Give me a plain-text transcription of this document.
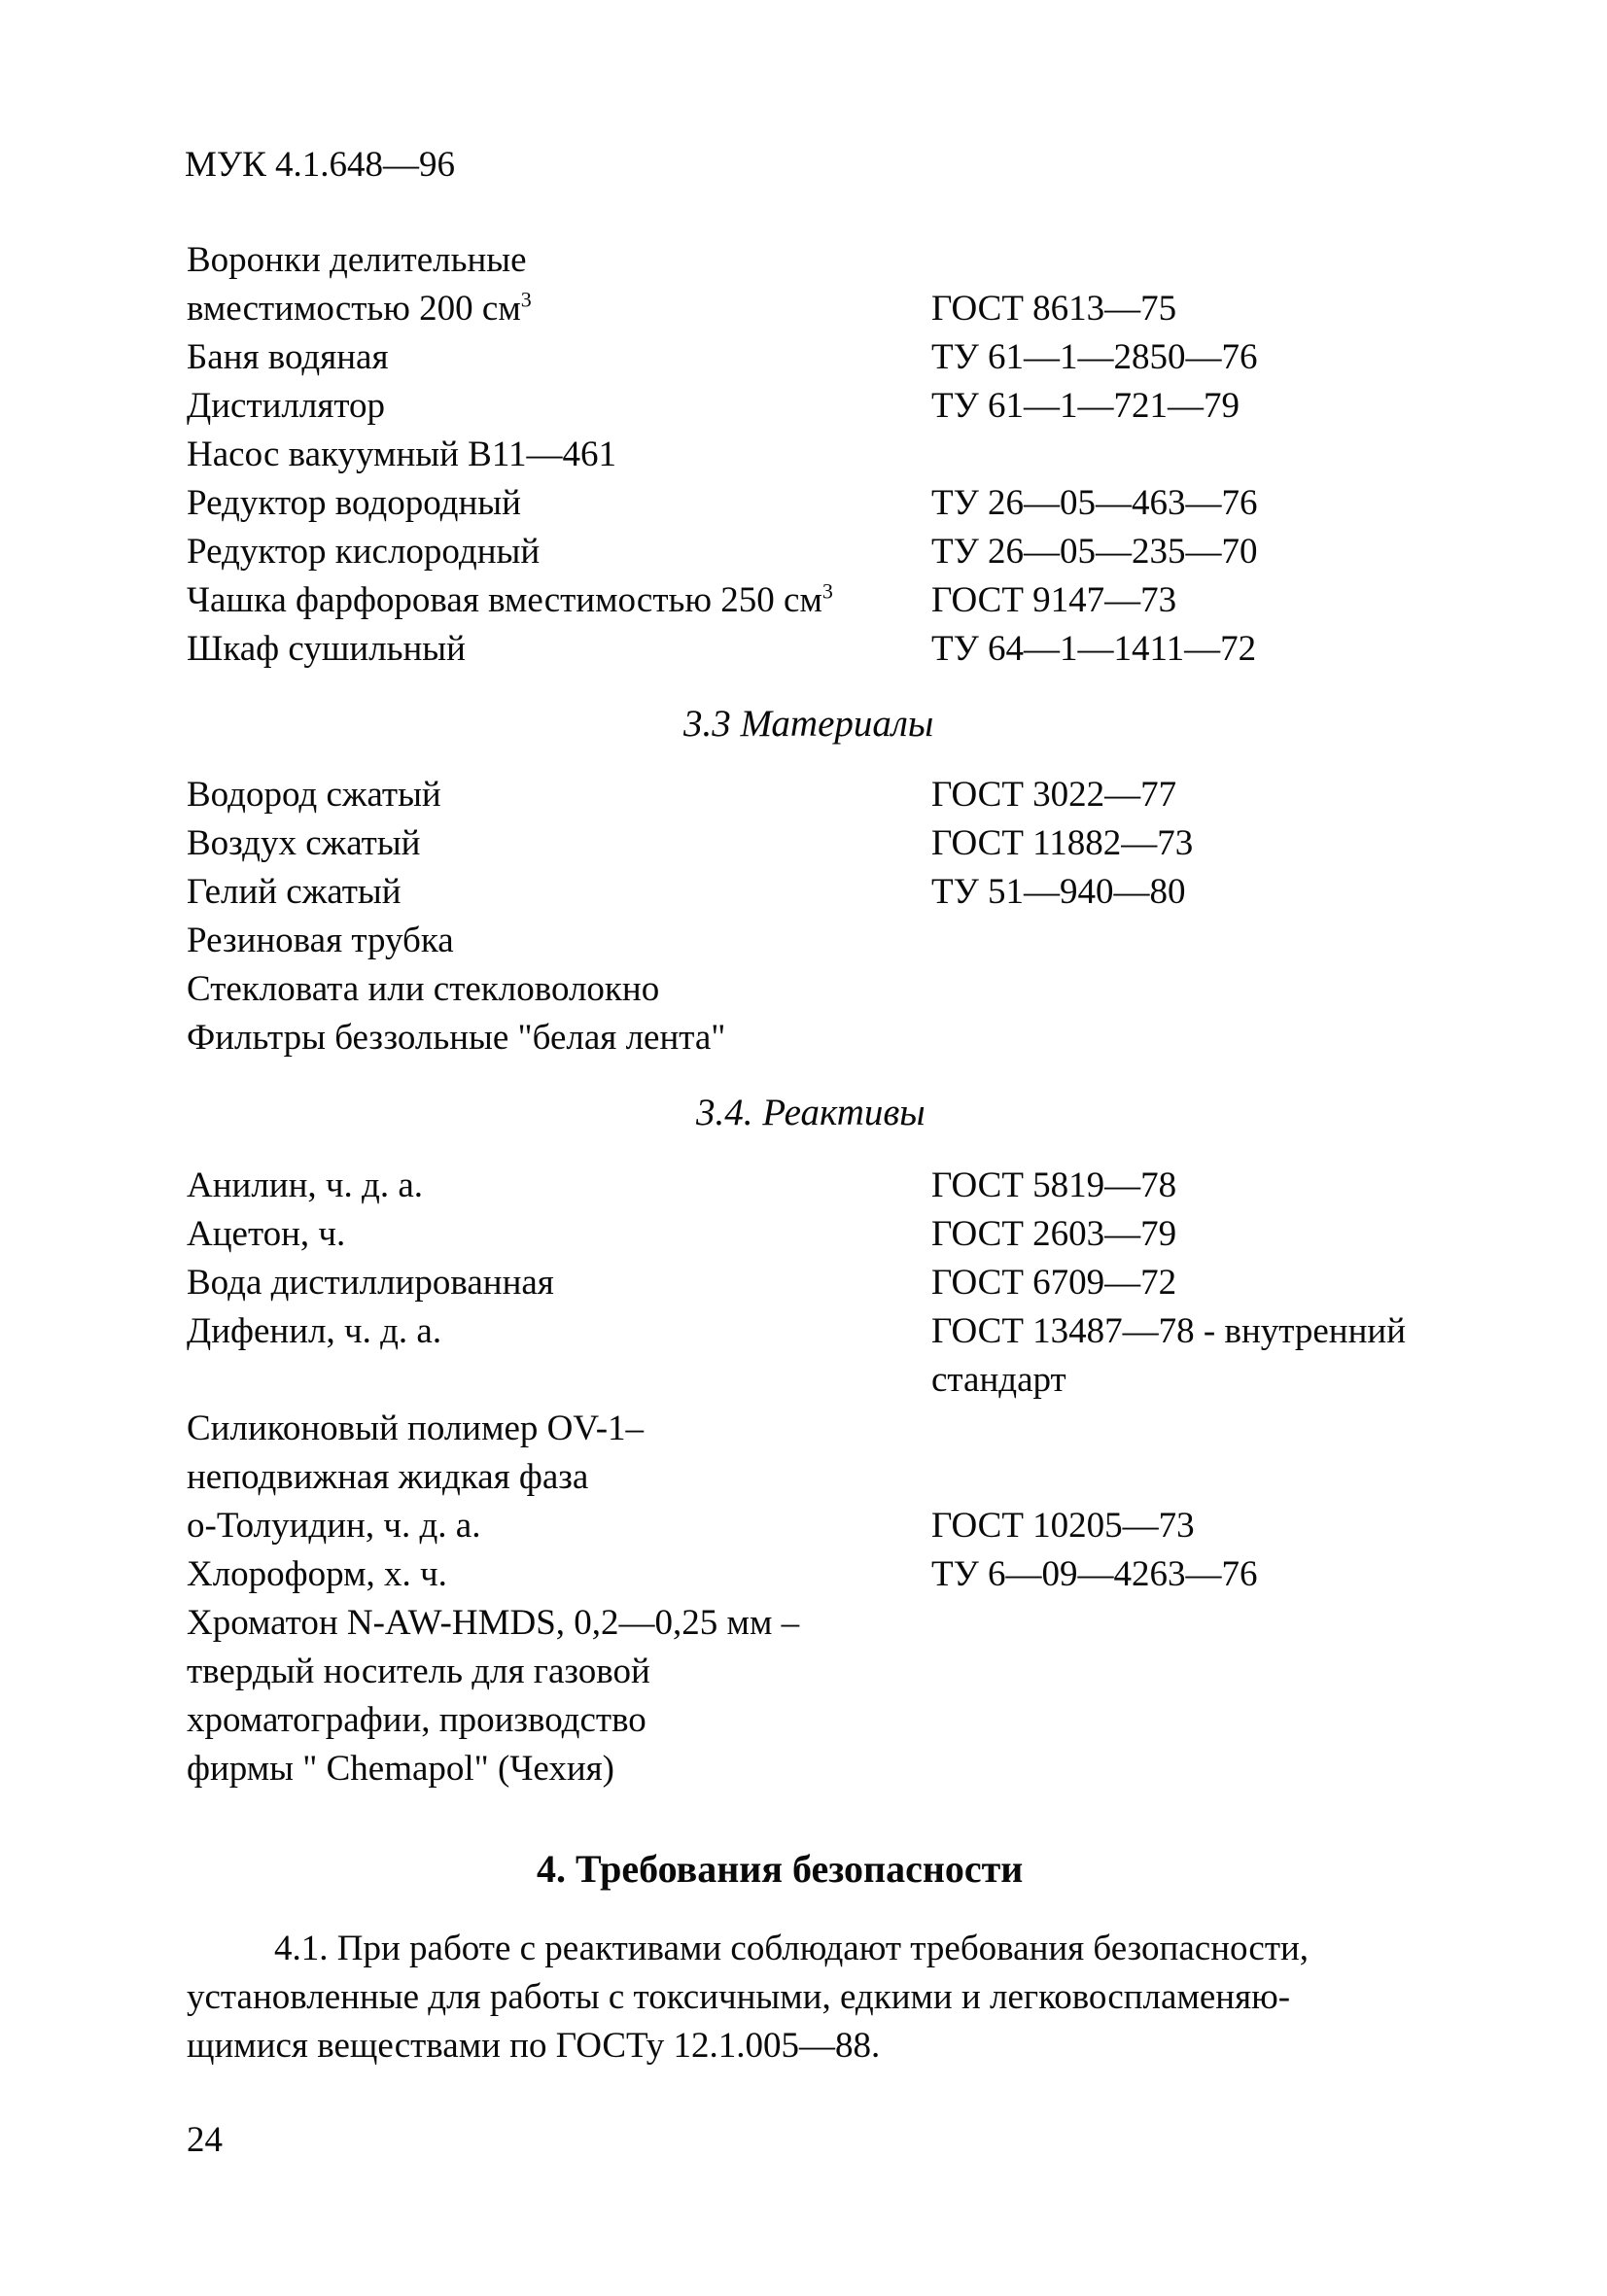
МУК 4.1.648—96
Воронки делительные
вместимостью 200 $см^3$	ГОСТ 8613—75
Баня водяная	ТУ 61—1—2850—76
Дистиллятор	ТУ 61—1—721—79
Насос вакуумный В11—461
Редуктор водородный	ТУ 26—05—463—76
Редуктор кислородный	ТУ 26—05—235—70
Чашка фарфоровая вместимостью 250 $см^3$	ГОСТ 9147—73
Шкаф сушильный	ТУ 64—1—1411—72
3.3 Материалы
Водород сжатый	ГОСТ 3022—77
Воздух сжатый	ГОСТ 11882—73
Гелий сжатый	ТУ 51—940—80
Резиновая трубка
Стекловата или стекловолокно
Фильтры беззольные "белая лента"
3.4. Реактивы
Анилин, ч. д. а.	ГОСТ 5819—78
Ацетон, ч.	ГОСТ 2603—79
Вода дистиллированная	ГОСТ 6709—72
Дифенил, ч. д. а.	ГОСТ 13487—78 - внутренний
стандарт
Силиконовый полимер OV-1–
неподвижная жидкая фаза
о-Толуидин, ч. д. а.	ГОСТ 10205—73
Хлороформ, х. ч.	ТУ 6—09—4263—76
Хроматон N-AW-HMDS, 0,2—0,25 мм –
твердый носитель для газовой
хроматографии, производство
фирмы " Chemapol" (Чехия)
4. Требования безопасности
4.1. При работе с реактивами соблюдают требования безопасности,
установленные для работы с токсичными, едкими и легковоспламеняю-
щимися веществами по ГОСТу 12.1.005—88.
24
